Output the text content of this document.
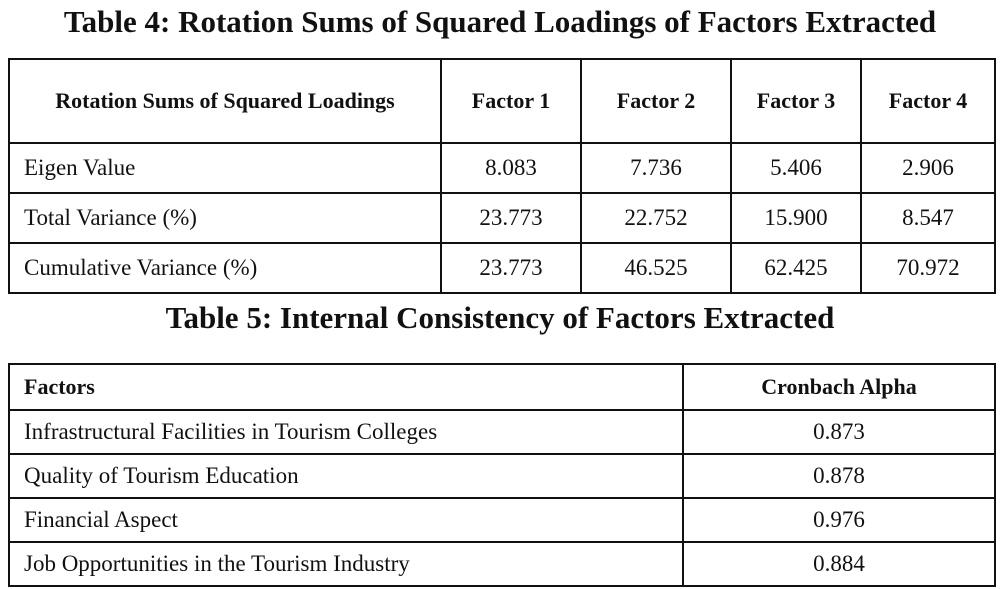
Table 4: Rotation Sums of Squared Loadings of Factors Extracted
Rotation Sums of Squared Loadings	Factor 1	Factor 2	Factor 3	Factor 4
Eigen Value	8.083	7.736	5.406	2.906
Total Variance (%)	23.773	22.752	15.900	8.547
Cumulative Variance (%)	23.773	46.525	62.425	70.972
Table 5: Internal Consistency of Factors Extracted
Factors	Cronbach Alpha
Infrastructural Facilities in Tourism Colleges	0.873
Quality of Tourism Education	0.878
Financial Aspect	0.976
Job Opportunities in the Tourism Industry	0.884
